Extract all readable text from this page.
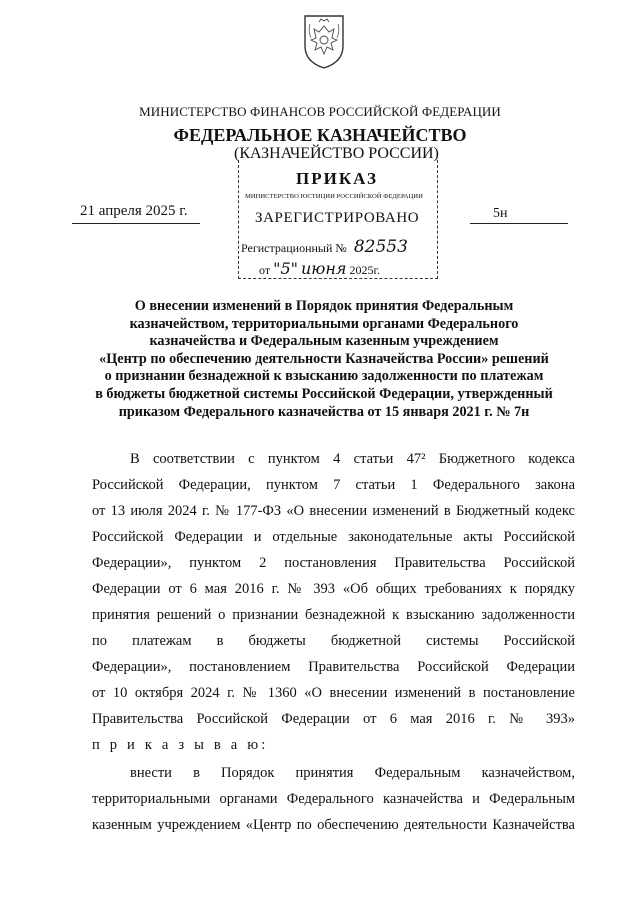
МИНИСТЕРСТВО ФИНАНСОВ РОССИЙСКОЙ ФЕДЕРАЦИИ
ФЕДЕРАЛЬНОЕ КАЗНАЧЕЙСТВО
(КАЗНАЧЕЙСТВО РОССИИ)
ПРИКАЗ
21 апреля 2025 г.	5н
МИНИСТЕРСТВО ЮСТИЦИИ РОССИЙСКОЙ ФЕДЕРАЦИИ
ЗАРЕГИСТРИРОВАНО
Регистрационный № 82553
от "5" июня 2025г.
О внесении изменений в Порядок принятия Федеральным
казначейством, территориальными органами Федерального
казначейства и Федеральным казенным учреждением
«Центр по обеспечению деятельности Казначейства России» решений
о признании безнадежной к взысканию задолженности по платежам
в бюджеты бюджетной системы Российской Федерации, утвержденный
приказом Федерального казначейства от 15 января 2021 г. № 7н
В соответствии с пунктом 4 статьи 47² Бюджетного кодекса
Российской Федерации, пунктом 7 статьи 1 Федерального закона
от 13 июля 2024 г. № 177-ФЗ «О внесении изменений в Бюджетный кодекс
Российской Федерации и отдельные законодательные акты Российской
Федерации», пунктом 2 постановления Правительства Российской
Федерации от 6 мая 2016 г. № 393 «Об общих требованиях к порядку
принятия решений о признании безнадежной к взысканию задолженности
по платежам в бюджеты бюджетной системы Российской
Федерации», постановлением Правительства Российской Федерации
от 10 октября 2024 г. № 1360 «О внесении изменений в постановление
Правительства Российской Федерации от 6 мая 2016 г. № 393»
п р и к а з ы в а ю:
внести в Порядок принятия Федеральным казначейством,
территориальными органами Федерального казначейства и Федеральным
казенным учреждением «Центр по обеспечению деятельности Казначейства
